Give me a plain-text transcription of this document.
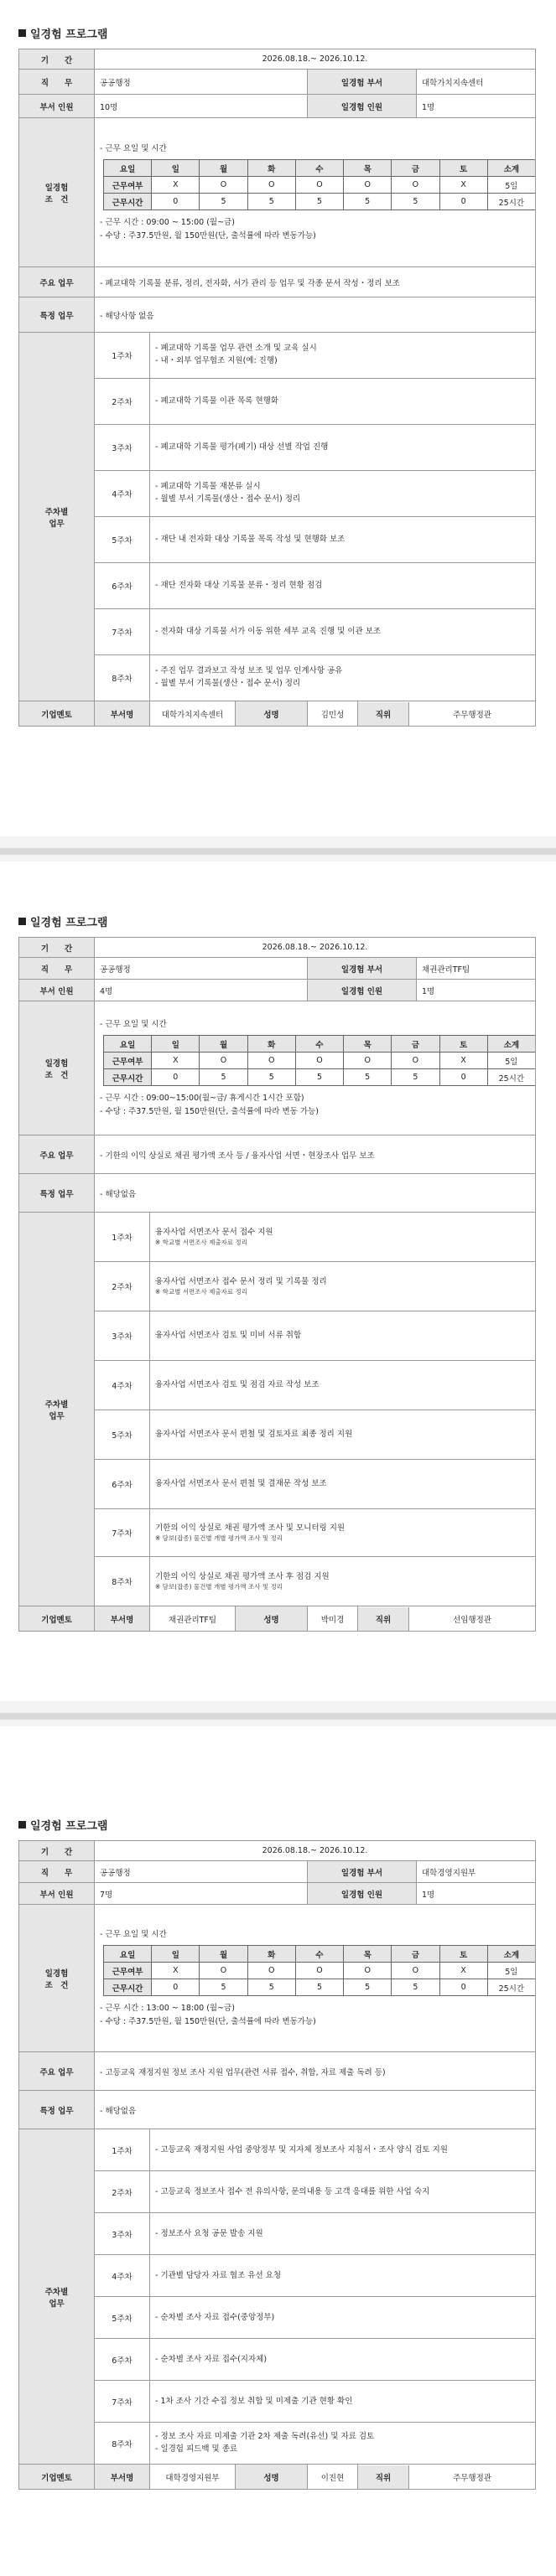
일경험 프로그램
기　　간	2026.08.18.~ 2026.10.12.
직　　무	공공행정	일경험 부서	대학가치지속센터
부서 인원	10명	일경험 인원	1명
일경험
조　건	
- 근무 요일 및 시간
요일	일	월	화	수	목	금	토	소계
근무여부	X	O	O	O	O	O	X	5일
근무시간	0	5	5	5	5	5	0	25시간
- 근무 시간 : 09:00 ~ 15:00 (월~금)
- 수당 : 주37.5만원, 월 150만원(단, 출석률에 따라 변동가능)

주요 업무	- 폐교대학 기록물 분류, 정리, 전자화, 서가 관리 등 업무 및 각종 문서 작성・정리 보조
특정 업무	- 해당사항 없음
주차별
업무	1주차	
- 폐교대학 기록물 업무 관련 소개 및 교육 실시
- 내・외부 업무협조 지원(예: 진행)

2주차	- 폐교대학 기록물 이관 목록 현행화

3주차	- 폐교대학 기록물 평가(폐기) 대상 선별 작업 진행

4주차	
- 폐교대학 기록물 재분류 실시
- 월별 부서 기록물(생산・접수 문서) 정리

5주차	- 재단 내 전자화 대상 기록물 목록 작성 및 현행화 보조

6주차	- 재단 전자화 대상 기록물 분류・정리 현황 점검

7주차	- 전자화 대상 기록물 서가 이동 위한 세부 교육 진행 및 이관 보조

8주차	
- 주진 업무 결과보고 작성 보조 및 업무 인계사항 공유
- 월별 부서 기록물(생산・접수 문서) 정리

기업멘토	부서명	대학가치지속센터	성명	김민성	직위	주무행정관
일경험 프로그램
기　　간	2026.08.18.~ 2026.10.12.
직　　무	공공행정	일경험 부서	채권관리TF팀
부서 인원	4명	일경험 인원	1명
일경험
조　건	
- 근무 요일 및 시간
요일	일	월	화	수	목	금	토	소계
근무여부	X	O	O	O	O	O	X	5일
근무시간	0	5	5	5	5	5	0	25시간
- 근무 시간 : 09:00~15:00(월~금/ 휴게시간 1시간 포함)
- 수당 : 주37.5만원, 월 150만원(단, 출석률에 따라 변동 가능)

주요 업무	- 기한의 이익 상실로 채권 평가액 조사 등 / 융자사업 서면・현장조사 업무 보조
특정 업무	- 해당없음
주차별
업무	1주차	
융자사업 서면조사 문서 접수 지원
※ 학교별 서면조사 제출자료 정리

2주차	
융자사업 서면조사 접수 문서 정리 및 기록물 정리
※ 학교별 서면조사 제출자료 정리

3주차	융자사업 서면조사 검토 및 미비 서류 취합

4주차	융자사업 서면조사 검토 및 점검 자료 작성 보조

5주차	융자사업 서면조사 문서 편철 및 검토자료 최종 정리 지원

6주차	융자사업 서면조사 문서 편철 및 결재문 작성 보조

7주차	
기한의 이익 상실로 채권 평가액 조사 및 모니터링 지원
※ 담보(잡종) 물건별 개별 평가액 조사 및 정리

8주차	
기한의 이익 상실로 채권 평가액 조사 후 점검 지원
※ 담보(잡종) 물건별 개별 평가액 조사 및 정리

기업멘토	부서명	채권관리TF팀	성명	박미경	직위	선임행정관
일경험 프로그램
기　　간	2026.08.18.~ 2026.10.12.
직　　무	공공행정	일경험 부서	대학경영지원부
부서 인원	7명	일경험 인원	1명
일경험
조　건	
- 근무 요일 및 시간
요일	일	월	화	수	목	금	토	소계
근무여부	X	O	O	O	O	O	X	5일
근무시간	0	5	5	5	5	5	0	25시간
- 근무 시간 : 13:00 ~ 18:00 (월~금)
- 수당 : 주37.5만원, 월 150만원(단, 출석률에 따라 변동가능)

주요 업무	- 고등교육 재정지원 정보 조사 지원 업무(관련 서류 접수, 취합, 자료 제출 독려 등)
특정 업무	- 해당없음
주차별
업무	1주차	- 고등교육 재정지원 사업 중앙정부 및 지자체 정보조사 지침서・조사 양식 검토 지원

2주차	- 고등교육 정보조사 접수 전 유의사항, 문의내용 등 고객 응대를 위한 사업 숙지

3주차	- 정보조사 요청 공문 발송 지원

4주차	- 기관별 담당자 자료 협조 유선 요청

5주차	- 순차별 조사 자료 접수(중앙정부)

6주차	- 순차별 조사 자료 접수(지자체)

7주차	- 1차 조사 기간 수집 정보 취합 및 미제출 기관 현황 확인

8주차	
- 정보 조사 자료 미제출 기관 2차 제출 독려(유선) 및 자료 검토
- 일경험 피드백 및 종료

기업멘토	부서명	대학경영지원부	성명	이진현	직위	주무행정관
